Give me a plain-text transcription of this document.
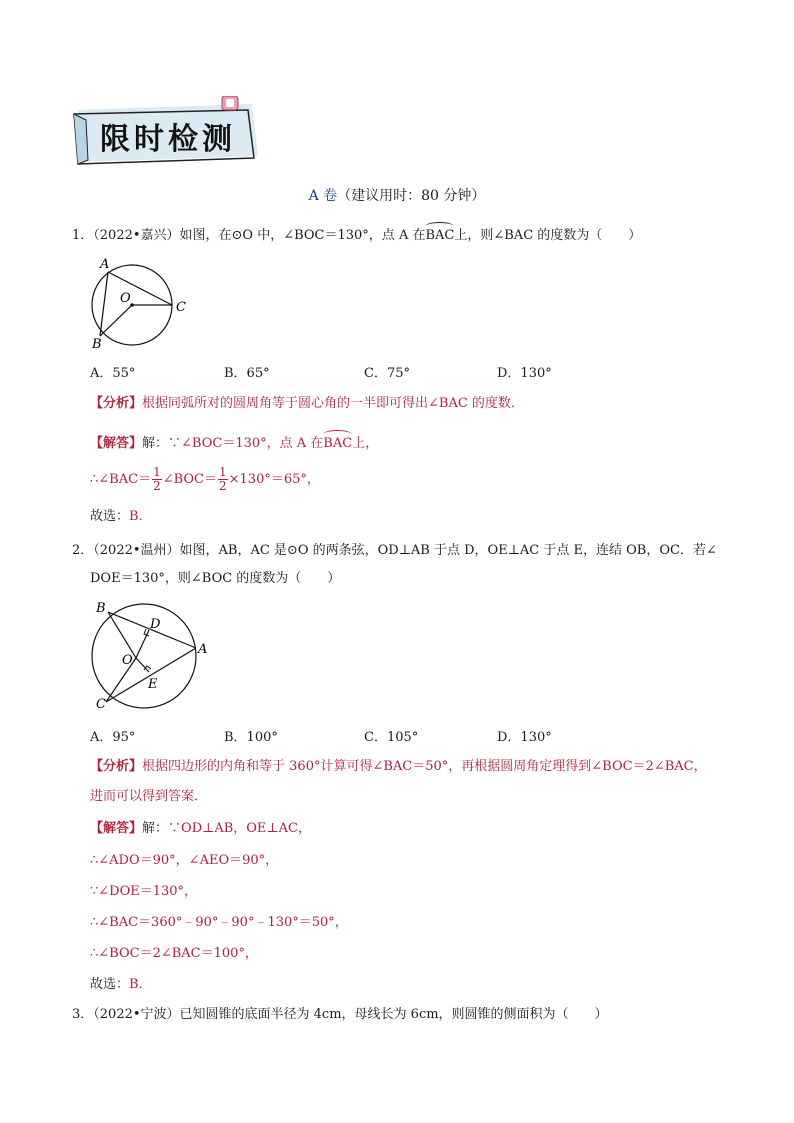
限时检测
A 卷（建议用时：80 分钟）
1．（2022•嘉兴）如图，在⊙O 中，∠BOC＝130°，点 A 在BAC上，则∠BAC 的度数为（　　）
A
O
C
B
A．55°	B．65°	C．75°	D．130°
【分析】根据同弧所对的圆周角等于圆心角的一半即可得出∠BAC 的度数．
【解答】解：∵∠BOC＝130°，点 A 在BAC上，
∴∠BAC＝ $\frac{1}{2}$ ∠BOC＝ $\frac{1}{2} \times 130^\circ=65^\circ$，
故选：B．
2．（2022•温州）如图，AB，AC 是⊙O 的两条弦，OD⊥AB 于点 D，OE⊥AC 于点 E，连结 OB，OC．若∠
DOE＝130°，则∠BOC 的度数为（　　）
B
D
A
O
E
C
A．95°	B．100°	C．105°	D．130°
【分析】根据四边形的内角和等于 360°计算可得∠BAC＝50°，再根据圆周角定理得到∠BOC＝2∠BAC，
进而可以得到答案．
【解答】解：∵OD⊥AB，OE⊥AC，
∴∠ADO＝90°，∠AEO＝90°，
∵∠DOE＝130°，
∴∠BAC＝360°﹣90°﹣90°﹣130°＝50°，
∴∠BOC＝2∠BAC＝100°，
故选：B．
3．（2022•宁波）已知圆锥的底面半径为 4cm，母线长为 6cm，则圆锥的侧面积为（　　）
